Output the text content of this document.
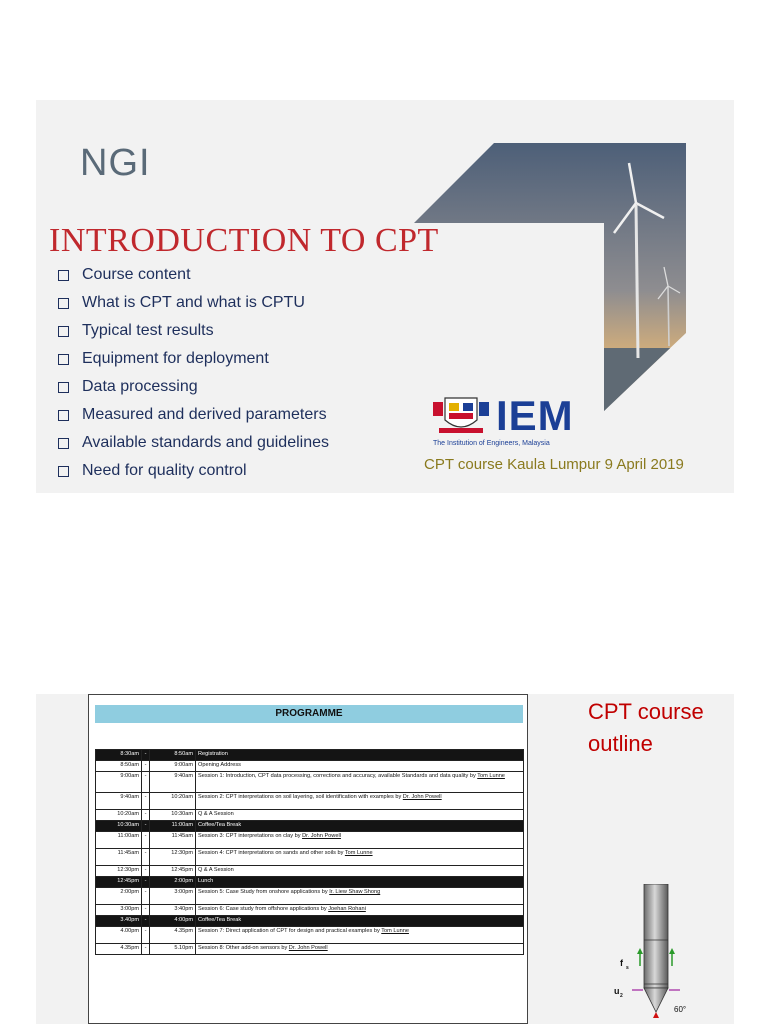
NGI
INTRODUCTION TO CPT
Course content
What is CPT and what is CPTU
Typical test results
Equipment for deployment
Data processing
Measured and derived parameters
Available standards and guidelines
Need for quality control
IEM
The Institution of Engineers, Malaysia
CPT course Kaula Lumpur 9 April 2019
PROGRAMME
8:30am	-	8:50am	Registration
8:50am	-	9:00am	Opening Address
9:00am	-	9:40am	Session 1: Introduction, CPT data processing, corrections and accuracy, available Standards and data quality by Tom Lunne
9:40am	-	10:20am	Session 2: CPT interpretations on soil layering, soil identification with examples by Dr. John Powell
10:20am	-	10:30am	Q & A Session
10:30am	-	11:00am	Coffee/Tea Break
11:00am	-	11:45am	Session 3: CPT interpretations on clay by Dr. John Powell
11:45am	-	12:30pm	Session 4: CPT interpretations on sands and other soils by Tom Lunne
12:30pm	-	12:45pm	Q & A Session
12:45pm	-	2:00pm	Lunch
2:00pm	-	3:00pm	Session 5: Case Study from onshore applications by Ir. Liew Shaw Shong
3:00pm	-	3:40pm	Session 6: Case study from offshore applications by Joehan Rohani
3.40pm	-	4:00pm	Coffee/Tea Break
4.00pm	-	4.35pm	Session 7: Direct application of CPT for design and practical examples by Tom Lunne
4.35pm	-	5.10pm	Session 8: Other add-on sensors by Dr. John Powell
CPT course outline
f s
u 2
60°
